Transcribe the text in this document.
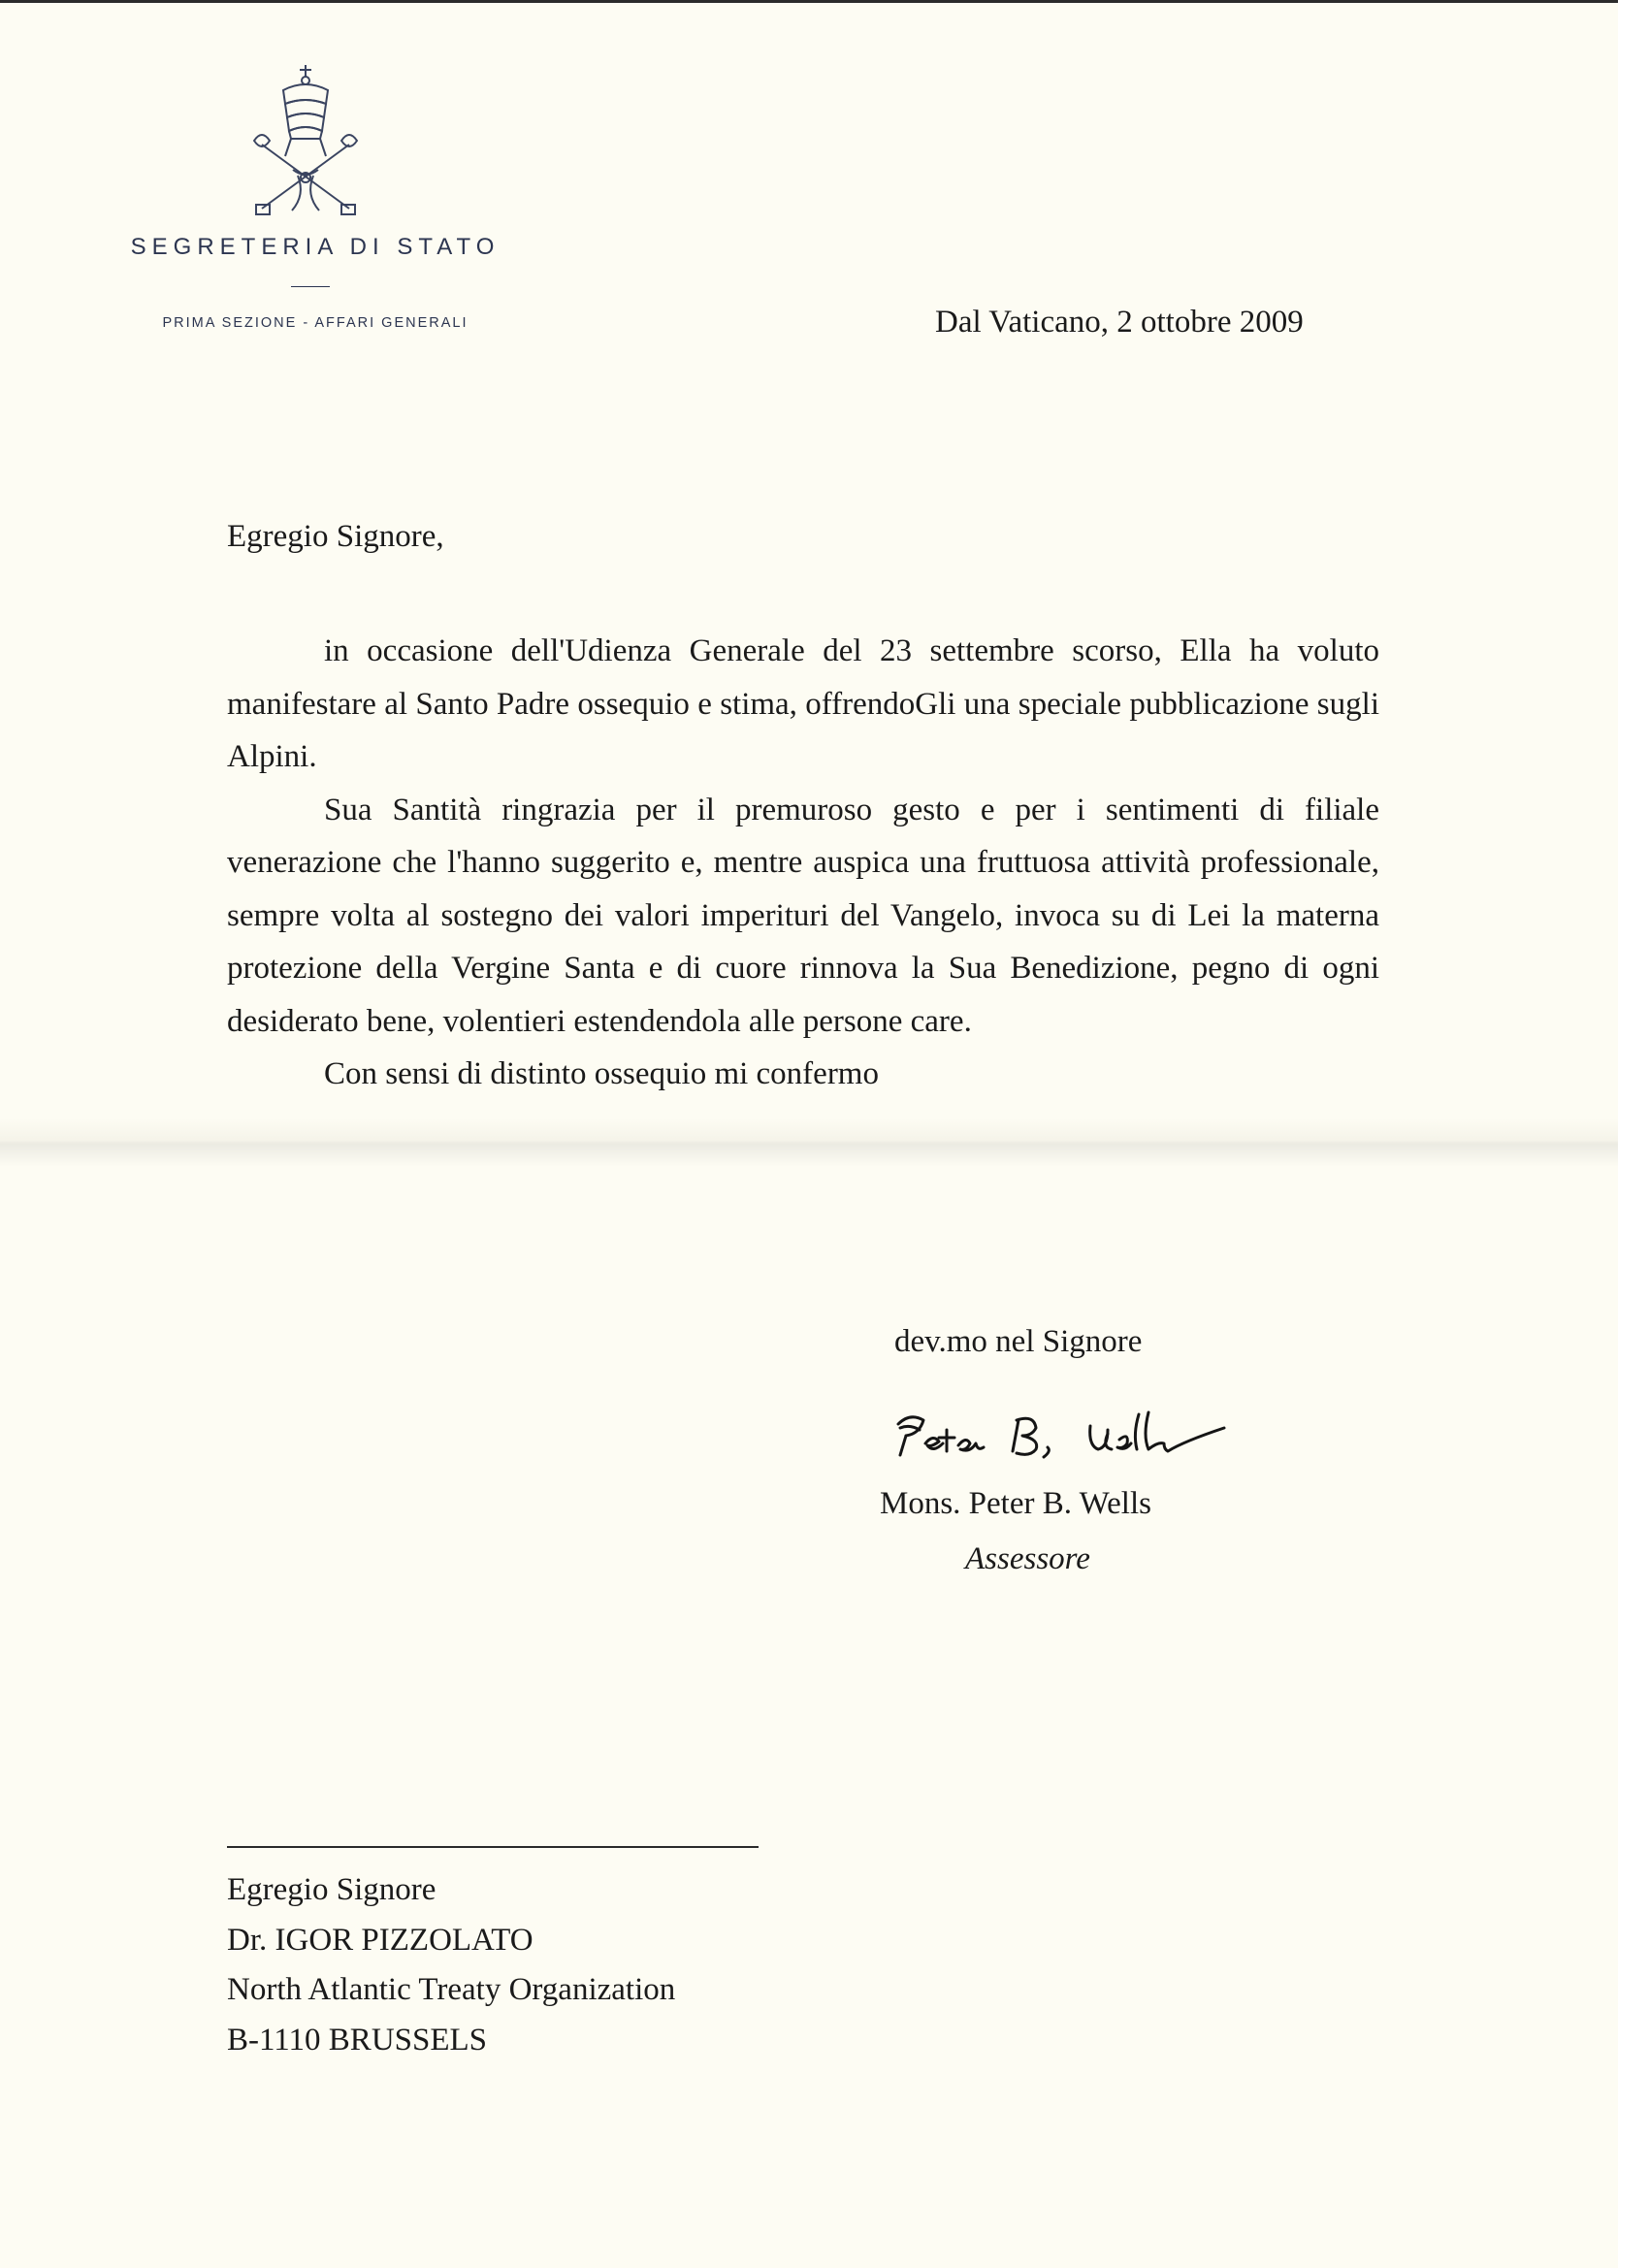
SEGRETERIA DI STATO
PRIMA SEZIONE - AFFARI GENERALI	Dal Vaticano, 2 ottobre 2009
Egregio Signore,

in occasione dell'Udienza Generale del 23 settembre scorso, Ella ha voluto manifestare al Santo Padre ossequio e stima, offrendoGli una speciale pubblicazione sugli Alpini.

Sua Santità ringrazia per il premuroso gesto e per i sentimenti di filiale venerazione che l'hanno suggerito e, mentre auspica una fruttuosa attività professionale, sempre volta al sostegno dei valori imperituri del Vangelo, invoca su di Lei la materna protezione della Vergine Santa e di cuore rinnova la Sua Benedizione, pegno di ogni desiderato bene, volentieri estendendola alle persone care.

Con sensi di distinto ossequio mi confermo

dev.mo nel Signore
Mons. Peter B. Wells
Assessore
Egregio Signore
Dr. IGOR PIZZOLATO
North Atlantic Treaty Organization
B-1110 BRUSSELS
